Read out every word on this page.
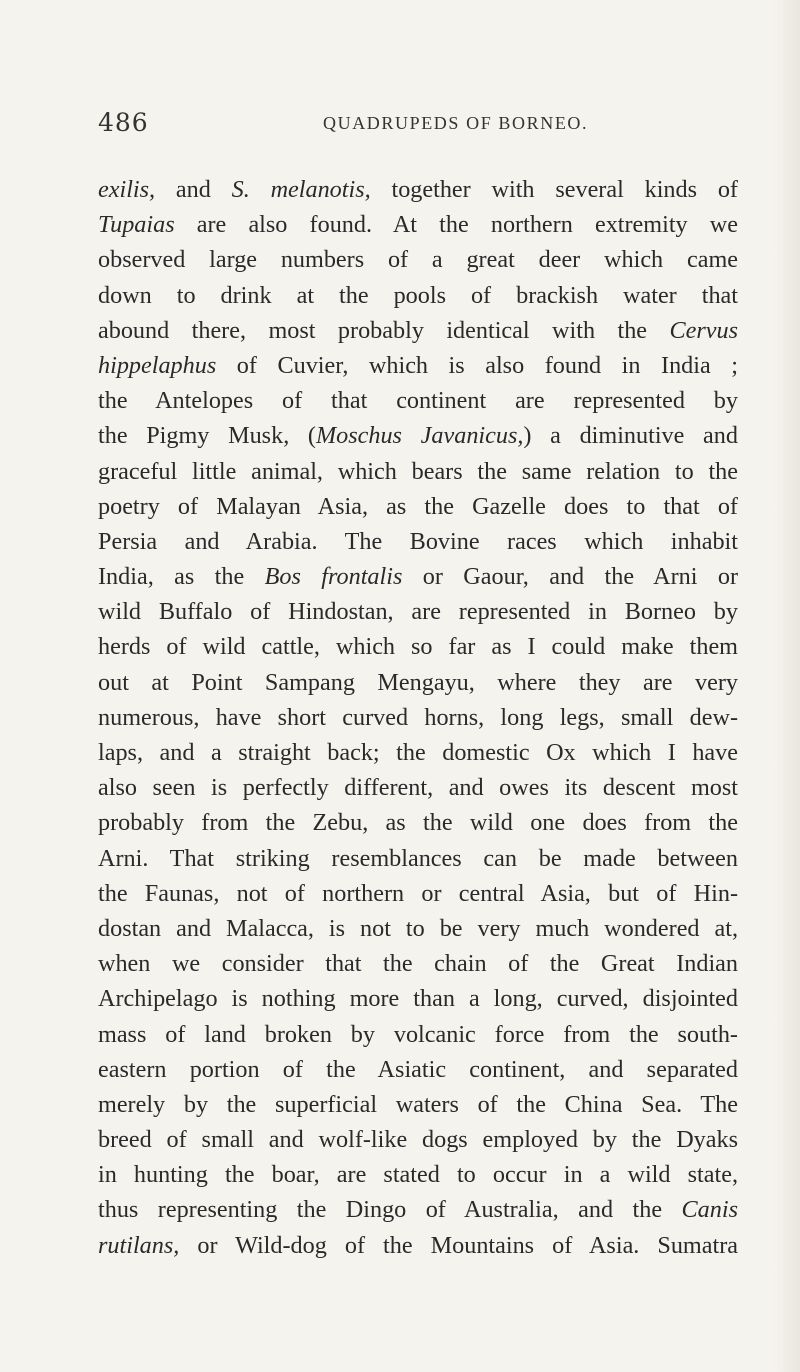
486	QUADRUPEDS OF BORNEO.
exilis, and S. melanotis, together with several kinds of
Tupaias are also found. At the northern extremity we
observed large numbers of a great deer which came
down to drink at the pools of brackish water that
abound there, most probably identical with the Cervus
hippelaphus of Cuvier, which is also found in India ;
the Antelopes of that continent are represented by
the Pigmy Musk, (Moschus Javanicus,) a diminutive and
graceful little animal, which bears the same relation to the
poetry of Malayan Asia, as the Gazelle does to that of
Persia and Arabia. The Bovine races which inhabit
India, as the Bos frontalis or Gaour, and the Arni or
wild Buffalo of Hindostan, are represented in Borneo by
herds of wild cattle, which so far as I could make them
out at Point Sampang Mengayu, where they are very
numerous, have short curved horns, long legs, small dew-
laps, and a straight back; the domestic Ox which I have
also seen is perfectly different, and owes its descent most
probably from the Zebu, as the wild one does from the
Arni. That striking resemblances can be made between
the Faunas, not of northern or central Asia, but of Hin-
dostan and Malacca, is not to be very much wondered at,
when we consider that the chain of the Great Indian
Archipelago is nothing more than a long, curved, disjointed
mass of land broken by volcanic force from the south-
eastern portion of the Asiatic continent, and separated
merely by the superficial waters of the China Sea. The
breed of small and wolf-like dogs employed by the Dyaks
in hunting the boar, are stated to occur in a wild state,
thus representing the Dingo of Australia, and the Canis
rutilans, or Wild-dog of the Mountains of Asia. Sumatra
